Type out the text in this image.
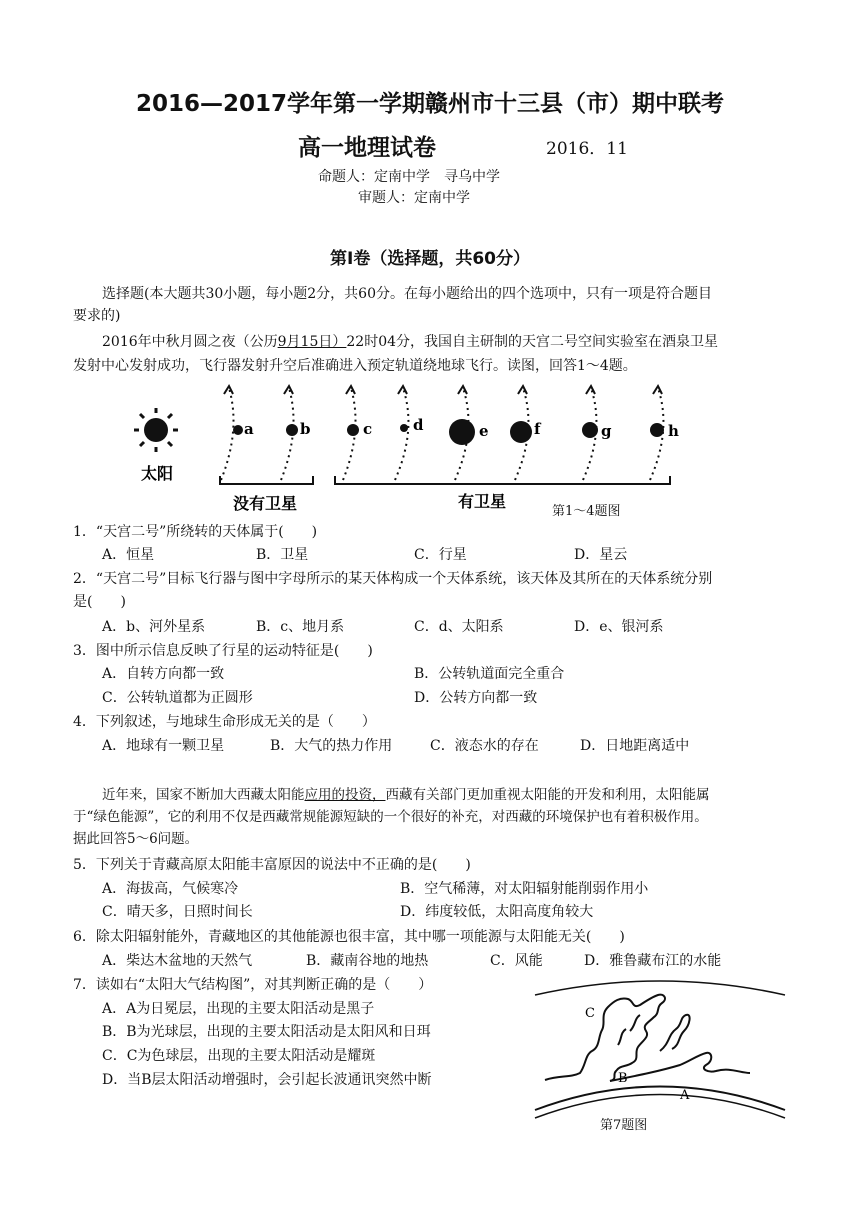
2016—2017学年第一学期赣州市十三县（市）期中联考
高一地理试卷	2016．11
命题人：定南中学　寻乌中学
审题人：定南中学
第Ⅰ卷（选择题，共60分）
选择题(本大题共30小题，每小题2分，共60分。在每小题给出的四个选项中，只有一项是符合题目
要求的)
2016年中秋月圆之夜（公历9月15日）22时04分，我国自主研制的天宫二号空间实验室在酒泉卫星
发射中心发射成功，飞行器发射升空后准确进入预定轨道绕地球飞行。读图，回答1～4题。
太阳
a	b	c	d	e	f	g	h
没有卫星	有卫星
第1～4题图
1．“天宫二号”所绕转的天体属于(　　)
A．恒星	B．卫星	C．行星	D．星云
2．“天宫二号”目标飞行器与图中字母所示的某天体构成一个天体系统，该天体及其所在的天体系统分别
是(　　)
A．b、河外星系	B．c、地月系	C．d、太阳系	D．e、银河系
3．图中所示信息反映了行星的运动特征是(　　)
A．自转方向都一致	B．公转轨道面完全重合
C．公转轨道都为正圆形	D．公转方向都一致
4．下列叙述，与地球生命形成无关的是（　　）
A．地球有一颗卫星	B．大气的热力作用	C．液态水的存在	D．日地距离适中
近年来，国家不断加大西藏太阳能应用的投资，西藏有关部门更加重视太阳能的开发和利用，太阳能属
于“绿色能源”，它的利用不仅是西藏常规能源短缺的一个很好的补充，对西藏的环境保护也有着积极作用。
据此回答5～6问题。
5．下列关于青藏高原太阳能丰富原因的说法中不正确的是(　　)
A．海拔高，气候寒冷	B．空气稀薄，对太阳辐射能削弱作用小
C．晴天多，日照时间长	D．纬度较低，太阳高度角较大
6．除太阳辐射能外，青藏地区的其他能源也很丰富，其中哪一项能源与太阳能无关(　　)
A．柴达木盆地的天然气	B．藏南谷地的地热	C．风能	D．雅鲁藏布江的水能
7．读如右“太阳大气结构图”，对其判断正确的是（　　）
A．A为日冕层，出现的主要太阳活动是黑子
B．B为光球层，出现的主要太阳活动是太阳风和日珥
C．C为色球层，出现的主要太阳活动是耀斑
D．当B层太阳活动增强时，会引起长波通讯突然中断
C
B
A
第7题图
